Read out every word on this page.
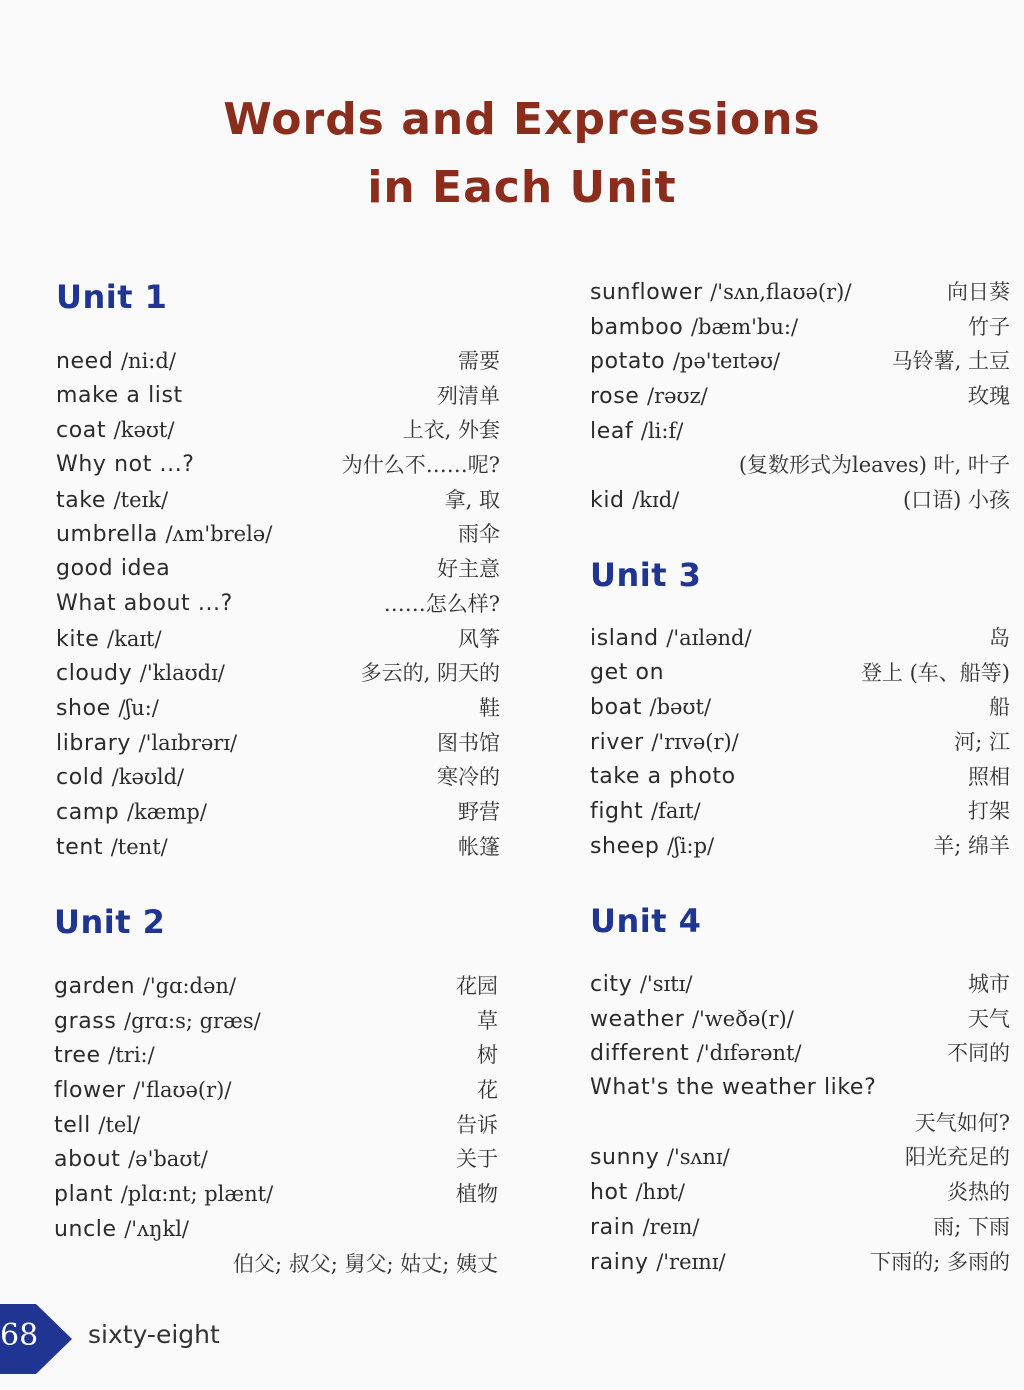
Words and Expressions
in Each Unit
Unit 1
need /ni:d/	需要
make a list	列清单
coat /kəʊt/	上衣, 外套
Why not ...?	为什么不……呢?
take /teɪk/	拿, 取
umbrella /ʌm'brelə/	雨伞
good idea	好主意
What about ...?	……怎么样?
kite /kaɪt/	风筝
cloudy /'klaʊdɪ/	多云的, 阴天的
shoe /ʃu:/	鞋
library /'laɪbrərɪ/	图书馆
cold /kəʊld/	寒冷的
camp /kæmp/	野营
tent /tent/	帐篷
Unit 2
garden /'gɑ:dən/	花园
grass /grɑ:s; græs/	草
tree /tri:/	树
flower /'flaʊə(r)/	花
tell /tel/	告诉
about /ə'baʊt/	关于
plant /plɑ:nt; plænt/	植物
uncle /'ʌŋkl/
伯父; 叔父; 舅父; 姑丈; 姨丈
sunflower /'sʌn,flaʊə(r)/	向日葵
bamboo /bæm'bu:/	竹子
potato /pə'teɪtəʊ/	马铃薯, 土豆
rose /rəʊz/	玫瑰
leaf /li:f/
(复数形式为leaves) 叶, 叶子
kid /kɪd/	(口语) 小孩
Unit 3
island /'aɪlənd/	岛
get on	登上 (车、船等)
boat /bəʊt/	船
river /'rɪvə(r)/	河; 江
take a photo	照相
fight /faɪt/	打架
sheep /ʃi:p/	羊; 绵羊
Unit 4
city /'sɪtɪ/	城市
weather /'weðə(r)/	天气
different /'dɪfərənt/	不同的
What's the weather like?
天气如何?
sunny /'sʌnɪ/	阳光充足的
hot /hɒt/	炎热的
rain /reɪn/	雨; 下雨
rainy /'reɪnɪ/	下雨的; 多雨的
68 sixty-eight
